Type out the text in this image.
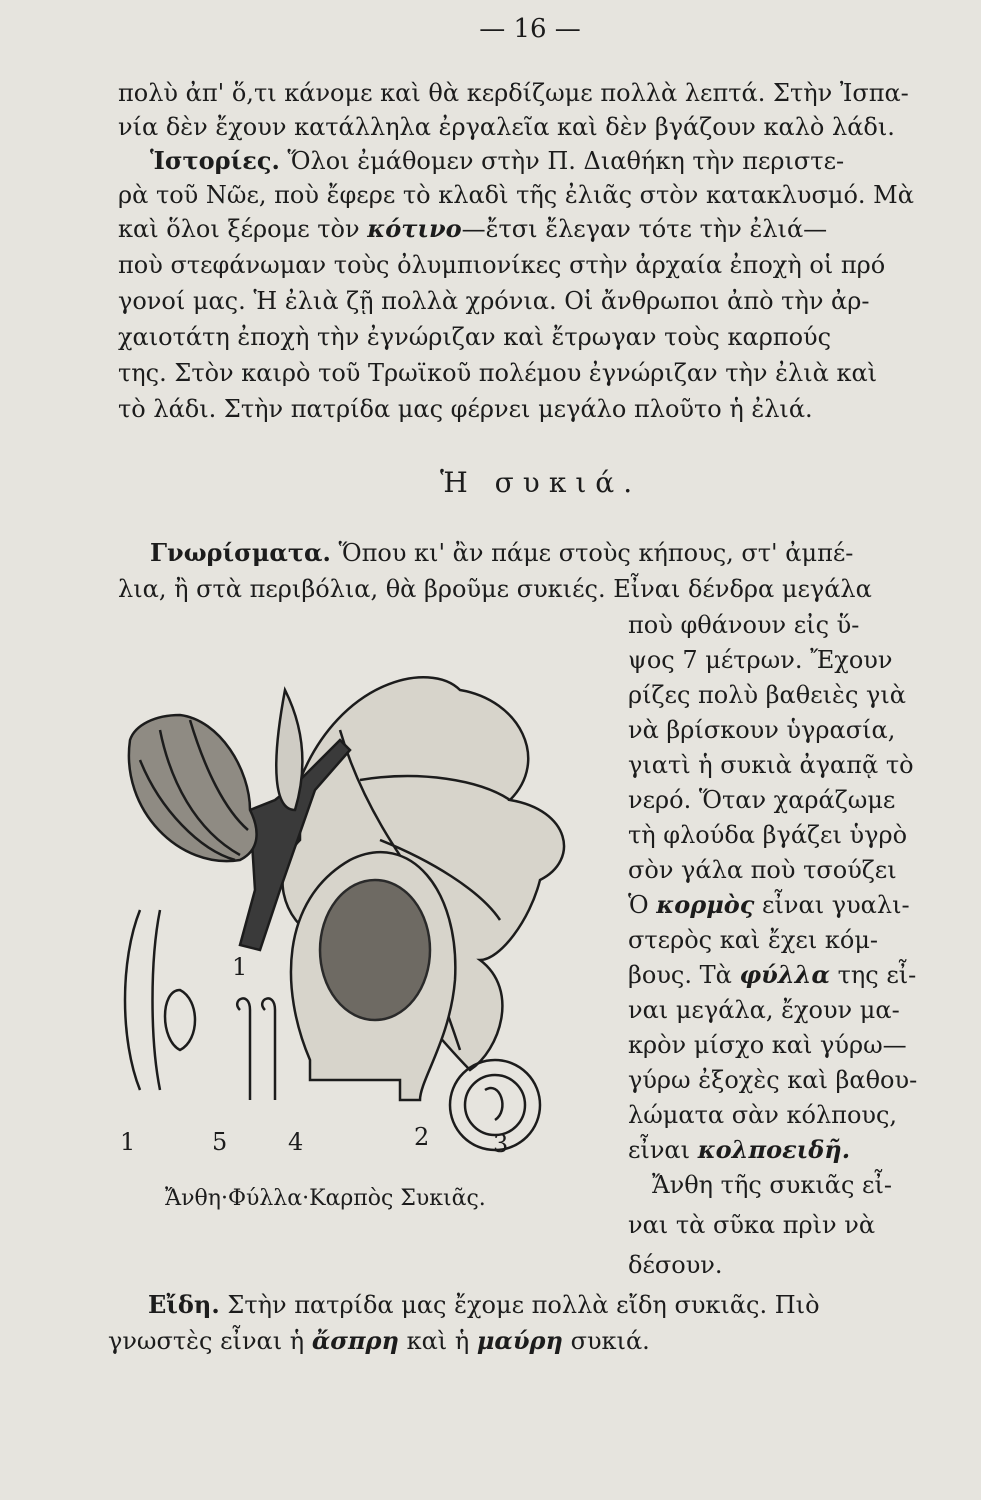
— 16 —
πολὺ ἀπ' ὅ,τι κάνομε καὶ θὰ κερδίζωμε πολλὰ λεπτά. Στὴν Ἰσπα-
νία δὲν ἔχουν κατάλληλα ἐργαλεῖα καὶ δὲν βγάζουν καλὸ λάδι.
Ἱστορίες. Ὅλοι ἐμάθομεν στὴν Π. Διαθήκη τὴν περιστε-
ρὰ τοῦ Νῶε, ποὺ ἔφερε τὸ κλαδὶ τῆς ἐλιᾶς στὸν κατακλυσμό. Μὰ
καὶ ὅλοι ξέρομε τὸν κότινο—ἔτσι ἔλεγαν τότε τὴν ἐλιά—
ποὺ στεφάνωμαν τοὺς ὀλυμπιονίκες στὴν ἀρχαία ἐποχὴ οἱ πρό
γονοί μας. Ἡ ἐλιὰ ζῇ πολλὰ χρόνια. Οἱ ἄνθρωποι ἀπὸ τὴν ἀρ-
χαιοτάτη ἐποχὴ τὴν ἐγνώριζαν καὶ ἔτρωγαν τοὺς καρπούς
της. Στὸν καιρὸ τοῦ Τρωϊκοῦ πολέμου ἐγνώριζαν τὴν ἐλιὰ καὶ
τὸ λάδι. Στὴν πατρίδα μας φέρνει μεγάλο πλοῦτο ἡ ἐλιά.
Ἡ συκιά.
Γνωρίσματα. Ὅπου κι' ἂν πάμε στοὺς κήπους, στ' ἀμπέ-
λια, ἢ στὰ περιβόλια, θὰ βροῦμε συκιές. Εἶναι δένδρα μεγάλα
ποὺ φθάνουν εἰς ὕ-
ψος 7 μέτρων. Ἔχουν
ρίζες πολὺ βαθειὲς γιὰ
νὰ βρίσκουν ὑγρασία,
γιατὶ ἡ συκιὰ ἀγαπᾷ τὸ
νερό. Ὅταν χαράζωμε
τὴ φλούδα βγάζει ὑγρὸ
σὸν γάλα ποὺ τσούζει
Ὁ κορμὸς εἶναι γυαλι-
στερὸς καὶ ἔχει κόμ-
βους. Τὰ φύλλα της εἶ-
ναι μεγάλα, ἔχουν μα-
κρὸν μίσχο καὶ γύρω—
γύρω ἐξοχὲς καὶ βαθου-
λώματα σὰν κόλπους,
εἶναι κολποειδῆ.
Ἄνθη τῆς συκιᾶς εἶ-
ναι τὰ σῦκα πρὶν νὰ
δέσουν.
1	5	4	2	3
1
Ἄνθη·Φύλλα·Καρπὸς Συκιᾶς.
Εἴδη. Στὴν πατρίδα μας ἔχομε πολλὰ εἴδη συκιᾶς. Πιὸ
γνωστὲς εἶναι ἡ ἄσπρη καὶ ἡ μαύρη συκιά.
